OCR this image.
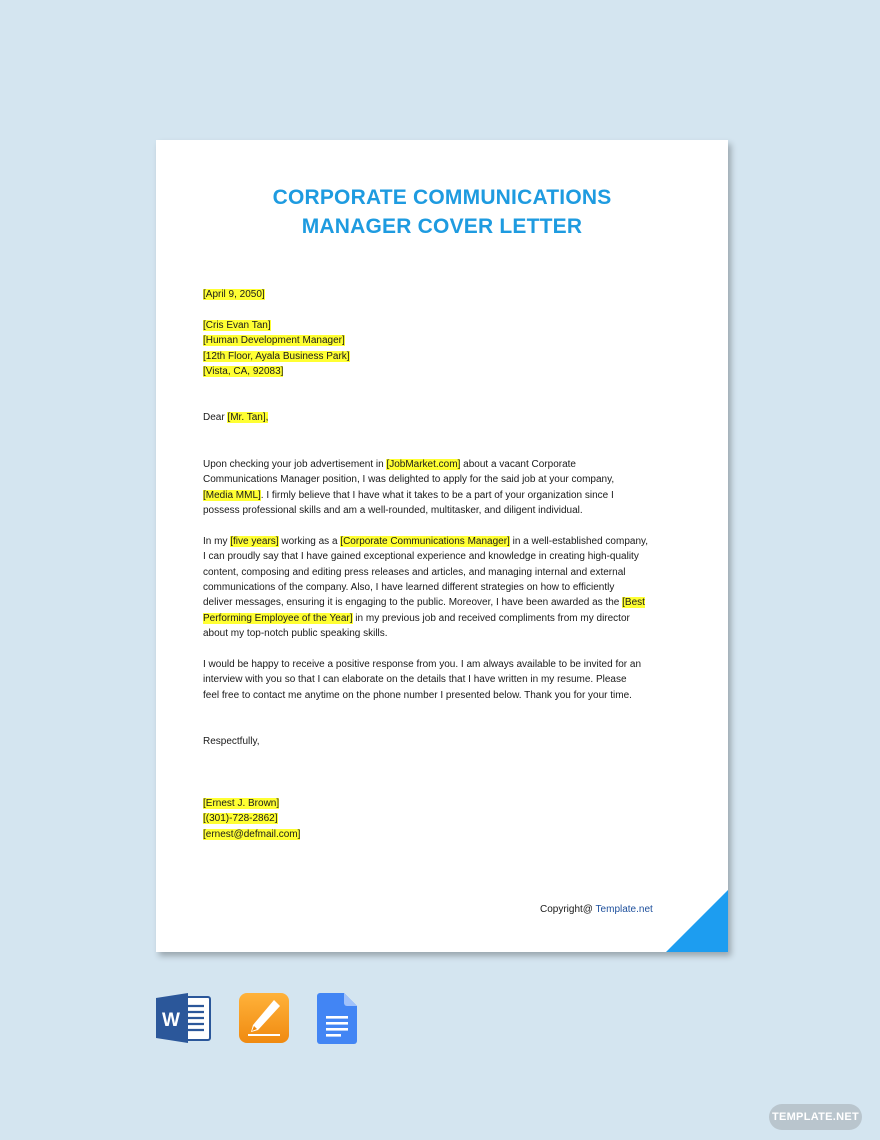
CORPORATE COMMUNICATIONS
MANAGER COVER LETTER

[April 9, 2050]

[Cris Evan Tan]

[Human Development Manager]

[12th Floor, Ayala Business Park]

[Vista, CA, 92083]

Dear [Mr. Tan],

Upon checking your job advertisement in [JobMarket.com] about a vacant Corporate

Communications Manager position, I was delighted to apply for the said job at your company,

[Media MML]. I firmly believe that I have what it takes to be a part of your organization since I

possess professional skills and am a well-rounded, multitasker, and diligent individual.

In my [five years] working as a [Corporate Communications Manager] in a well-established company,

I can proudly say that I have gained exceptional experience and knowledge in creating high-quality

content, composing and editing press releases and articles, and managing internal and external

communications of the company. Also, I have learned different strategies on how to efficiently

deliver messages, ensuring it is engaging to the public. Moreover, I have been awarded as the [Best

Performing Employee of the Year] in my previous job and received compliments from my director

about my top-notch public speaking skills.

I would be happy to receive a positive response from you. I am always available to be invited for an

interview with you so that I can elaborate on the details that I have written in my resume. Please

feel free to contact me anytime on the phone number I presented below. Thank you for your time.

Respectfully,

[Ernest J. Brown]

[(301)-728-2862]

[ernest@defmail.com]

Copyright@ Template.net
W
TEMPLATE.NET
